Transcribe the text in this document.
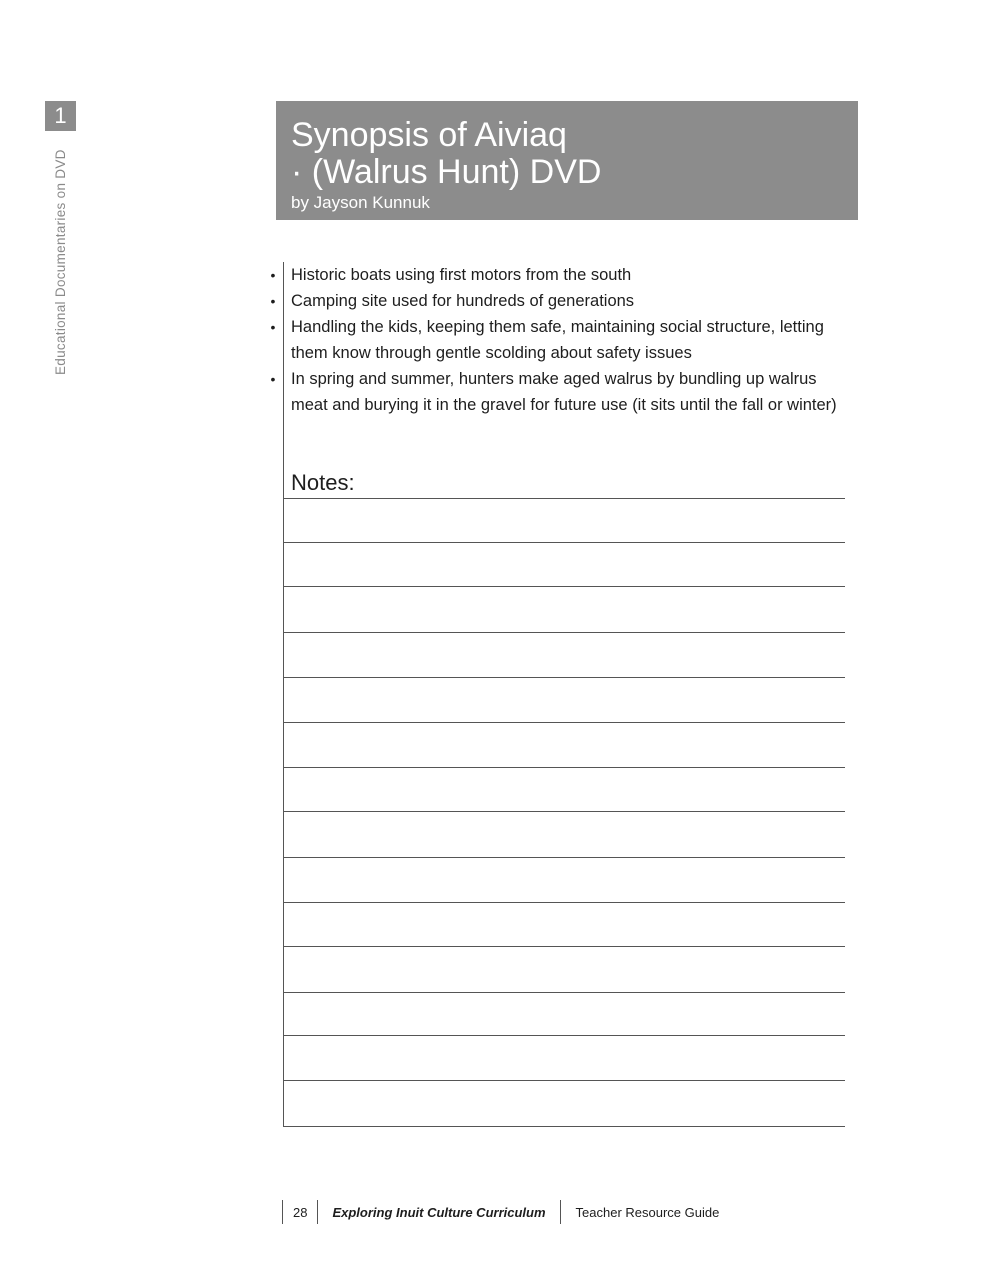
1
Educational Documentaries on DVD
Synopsis of Aiviaq
· (Walrus Hunt) DVD
by Jayson Kunnuk
• Historic boats using first motors from the south
• Camping site used for hundreds of generations
• Handling the kids, keeping them safe, maintaining social structure, letting them know through gentle scolding about safety issues
• In spring and summer, hunters make aged walrus by bundling up walrus meat and burying it in the gravel for future use (it sits until the fall or winter)
Notes:
28	Exploring Inuit Culture Curriculum	Teacher Resource Guide
